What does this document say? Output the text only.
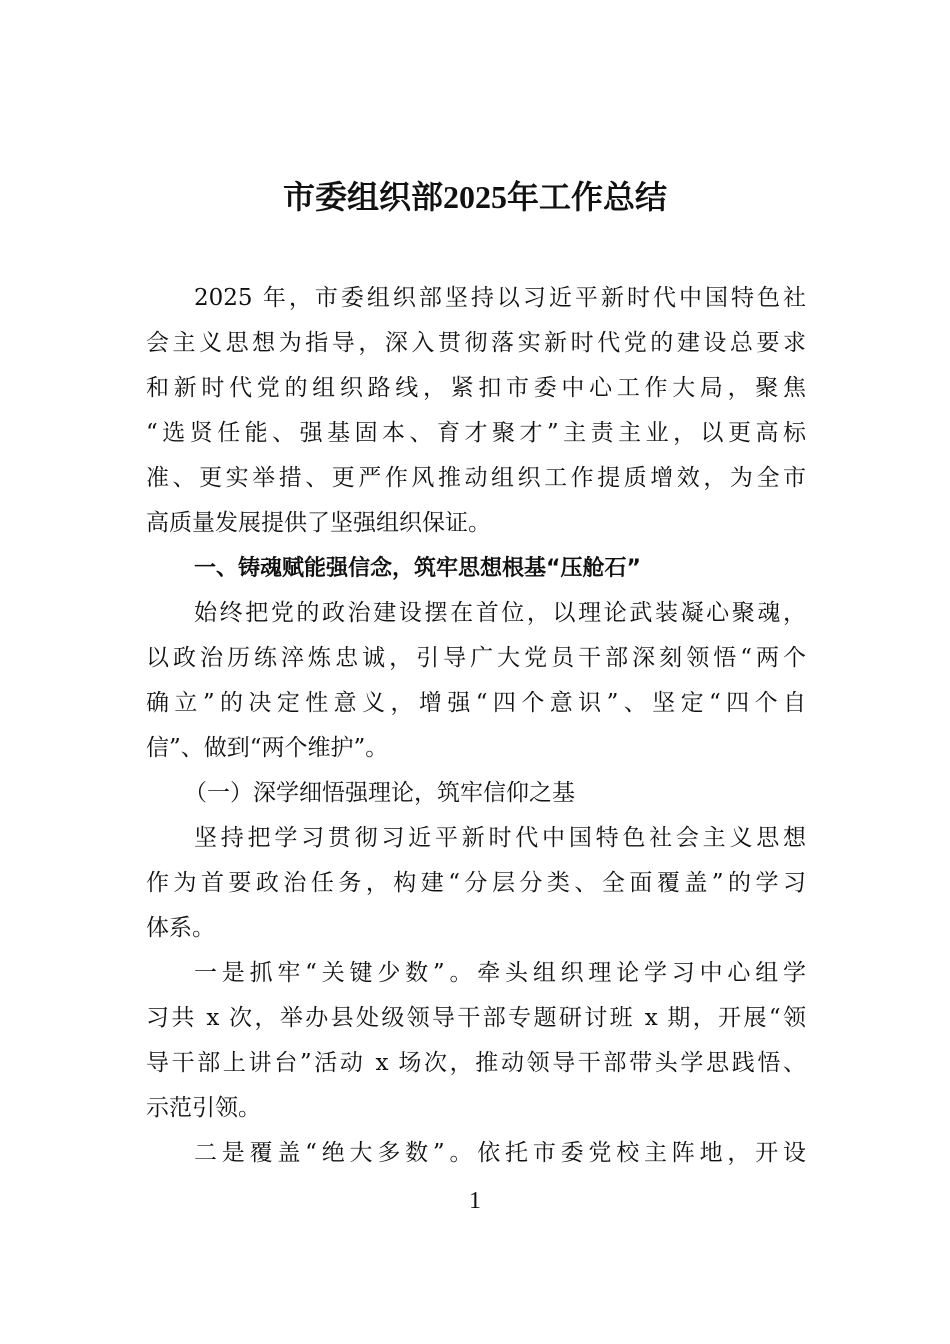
市委组织部2025年工作总结
2025 年，市委组织部坚持以习近平新时代中国特色社
会主义思想为指导，深入贯彻落实新时代党的建设总要求
和新时代党的组织路线，紧扣市委中心工作大局，聚焦
“选贤任能、强基固本、育才聚才”主责主业，以更高标
准、更实举措、更严作风推动组织工作提质增效，为全市
高质量发展提供了坚强组织保证。
一、铸魂赋能强信念，筑牢思想根基“压舱石”
始终把党的政治建设摆在首位，以理论武装凝心聚魂，
以政治历练淬炼忠诚，引导广大党员干部深刻领悟“两个
确立”的决定性意义，增强“四个意识”、坚定“四个自
信”、做到“两个维护”。
（一）深学细悟强理论，筑牢信仰之基
坚持把学习贯彻习近平新时代中国特色社会主义思想
作为首要政治任务，构建“分层分类、全面覆盖”的学习
体系。
一是抓牢“关键少数”。牵头组织理论学习中心组学
习共 x 次，举办县处级领导干部专题研讨班 x 期，开展“领
导干部上讲台”活动 x 场次，推动领导干部带头学思践悟、
示范引领。
二是覆盖“绝大多数”。依托市委党校主阵地，开设
1
